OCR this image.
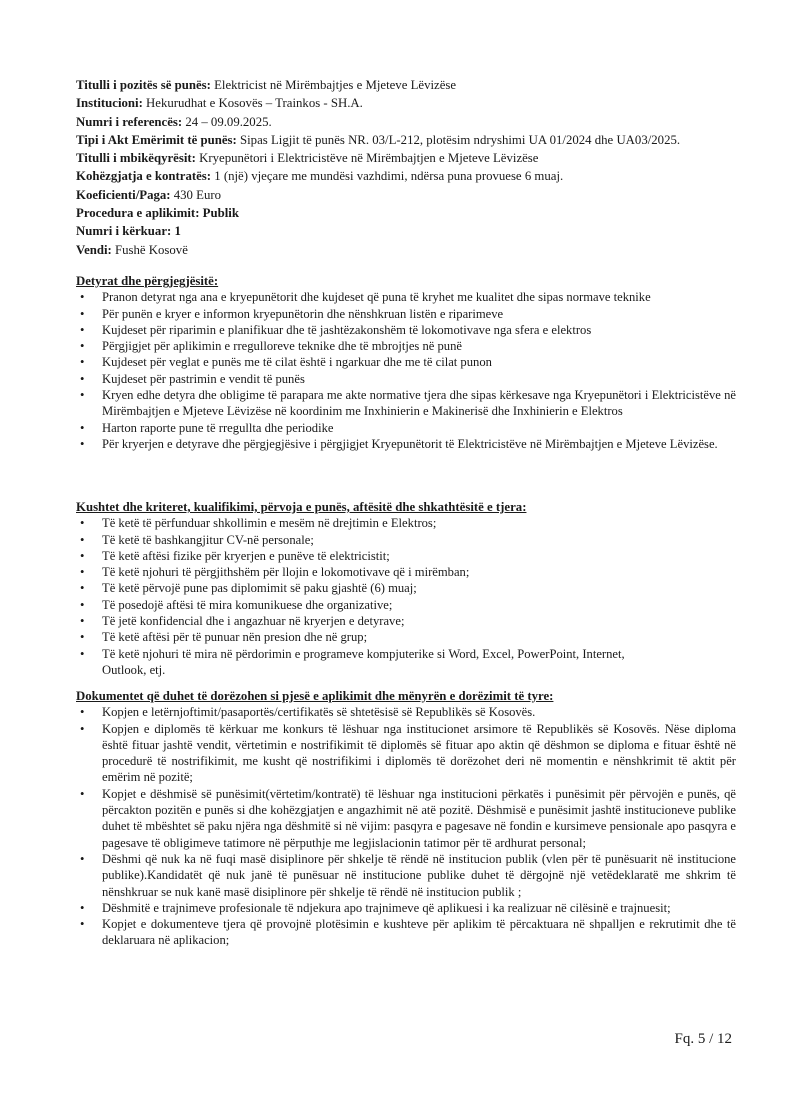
Titulli i pozitës së punës: Elektricist në Mirëmbajtjes e Mjeteve Lëvizëse
Institucioni: Hekurudhat e Kosovës – Trainkos - SH.A.
Numri i referencës: 24 – 09.09.2025.
Tipi i Akt Emërimit të punës: Sipas Ligjit të punës NR. 03/L-212, plotësim ndryshimi UA 01/2024 dhe UA03/2025.
Titulli i mbikëqyrësit: Kryepunëtori i Elektricistëve në Mirëmbajtjen e Mjeteve Lëvizëse
Kohëzgjatja e kontratës: 1 (një) vjeçare me mundësi vazhdimi, ndërsa puna provuese 6 muaj.
Koeficienti/Paga: 430 Euro
Procedura e aplikimit: Publik
Numri i kërkuar: 1
Vendi: Fushë Kosovë
Detyrat dhe përgjegjësitë:
• Pranon detyrat nga ana e kryepunëtorit dhe kujdeset që puna të kryhet me kualitet dhe sipas normave teknike
• Për punën e kryer e informon kryepunëtorin dhe nënshkruan listën e riparimeve
• Kujdeset për riparimin e planifikuar dhe të jashtëzakonshëm të lokomotivave nga sfera e elektros
• Përgjigjet për aplikimin e rregulloreve teknike dhe të mbrojtjes në punë
• Kujdeset për veglat e punës me të cilat është i ngarkuar dhe me të cilat punon
• Kujdeset për pastrimin e vendit të punës
• Kryen edhe detyra dhe obligime të parapara me akte normative tjera dhe sipas kërkesave nga Kryepunëtori i Elektricistëve në Mirëmbajtjen e Mjeteve Lëvizëse në koordinim me Inxhinierin e Makinerisë dhe Inxhinierin e Elektros
• Harton raporte pune të rregullta dhe periodike
• Për kryerjen e detyrave dhe përgjegjësive i përgjigjet Kryepunëtorit të Elektricistëve në Mirëmbajtjen e Mjeteve Lëvizëse.
Kushtet dhe kriteret, kualifikimi, përvoja e punës, aftësitë dhe shkathtësitë e tjera:
• Të ketë të përfunduar shkollimin e mesëm në drejtimin e Elektros;
• Të ketë të bashkangjitur CV-në personale;
• Të ketë aftësi fizike për kryerjen e punëve të elektricistit;
• Të ketë njohuri të përgjithshëm për llojin e lokomotivave që i mirëmban;
• Të ketë përvojë pune pas diplomimit së paku gjashtë (6) muaj;
• Të posedojë aftësi të mira komunikuese dhe organizative;
• Të jetë konfidencial dhe i angazhuar në kryerjen e detyrave;
• Të ketë aftësi për të punuar nën presion dhe në grup;
• Të ketë njohuri të mira në përdorimin e programeve kompjuterike si Word, Excel, PowerPoint, Internet, Outlook, etj.
Dokumentet që duhet të dorëzohen si pjesë e aplikimit dhe mënyrën e dorëzimit të tyre:
• Kopjen e letërnjoftimit/pasaportës/certifikatës së shtetësisë së Republikës së Kosovës.
• Kopjen e diplomës të kërkuar me konkurs të lëshuar nga institucionet arsimore të Republikës së Kosovës. Nëse diploma është fituar jashtë vendit, vërtetimin e nostrifikimit të diplomës së fituar apo aktin që dëshmon se diploma e fituar është në procedurë të nostrifikimit, me kusht që nostrifikimi i diplomës të dorëzohet deri në momentin e nënshkrimit të aktit për emërim në pozitë;
• Kopjet e dëshmisë së punësimit(vërtetim/kontratë) të lëshuar nga institucioni përkatës i punësimit për përvojën e punës, që përcakton pozitën e punës si dhe kohëzgjatjen e angazhimit në atë pozitë. Dëshmisë e punësimit jashtë institucioneve publike duhet të mbështet së paku njëra nga dëshmitë si në vijim: pasqyra e pagesave në fondin e kursimeve pensionale apo pasqyra e pagesave të obligimeve tatimore në përputhje me legjislacionin tatimor për të ardhurat personal;
• Dëshmi që nuk ka në fuqi masë disiplinore për shkelje të rëndë në institucion publik (vlen për të punësuarit në institucione publike).Kandidatët që nuk janë të punësuar në institucione publike duhet të dërgojnë një vetëdeklaratë me shkrim të nënshkruar se nuk kanë masë disiplinore për shkelje të rëndë në institucion publik ;
• Dëshmitë e trajnimeve profesionale të ndjekura apo trajnimeve që aplikuesi i ka realizuar në cilësinë e trajnuesit;
• Kopjet e dokumenteve tjera që provojnë plotësimin e kushteve për aplikim të përcaktuara në shpalljen e rekrutimit dhe të deklaruara në aplikacion;
Fq. 5 / 12
